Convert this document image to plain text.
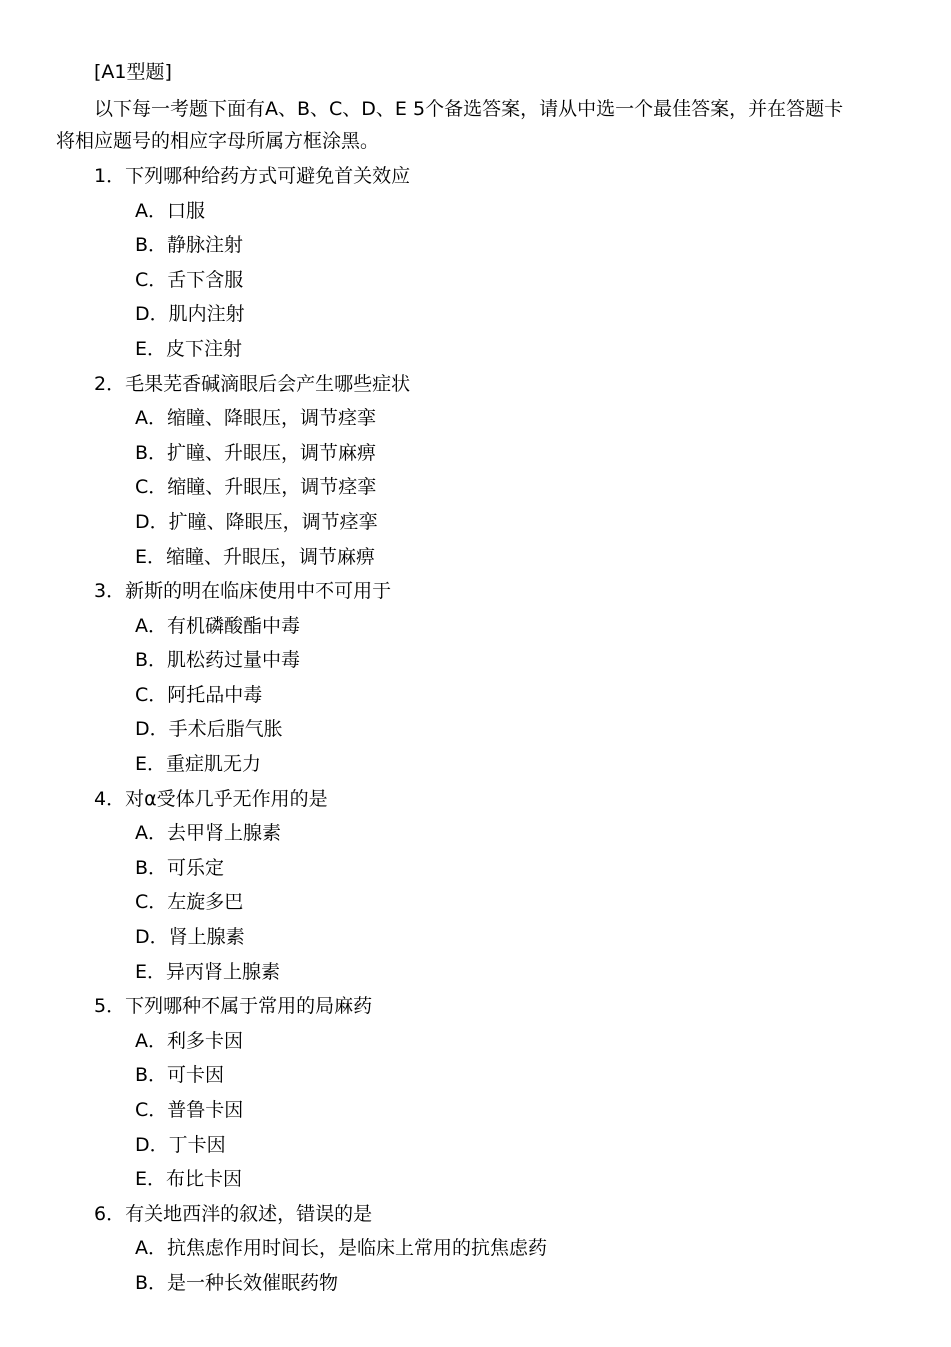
[A1型题]
以下每一考题下面有A、B、C、D、E 5个备选答案，请从中选一个最佳答案，并在答题卡
将相应题号的相应字母所属方框涂黑。
1．下列哪种给药方式可避免首关效应
A．口服
B．静脉注射
C．舌下含服
D．肌内注射
E．皮下注射
2．毛果芜香碱滴眼后会产生哪些症状
A．缩瞳、降眼压，调节痉挛
B．扩瞳、升眼压，调节麻痹
C．缩瞳、升眼压，调节痉挛
D．扩瞳、降眼压，调节痉挛
E．缩瞳、升眼压，调节麻痹
3．新斯的明在临床使用中不可用于
A．有机磷酸酯中毒
B．肌松药过量中毒
C．阿托品中毒
D．手术后脂气胀
E．重症肌无力
4．对α受体几乎无作用的是
A．去甲肾上腺素
B．可乐定
C．左旋多巴
D．肾上腺素
E．异丙肾上腺素
5．下列哪种不属于常用的局麻药
A．利多卡因
B．可卡因
C．普鲁卡因
D．丁卡因
E．布比卡因
6．有关地西泮的叙述，错误的是
A．抗焦虑作用时间长，是临床上常用的抗焦虑药
B．是一种长效催眠药物
